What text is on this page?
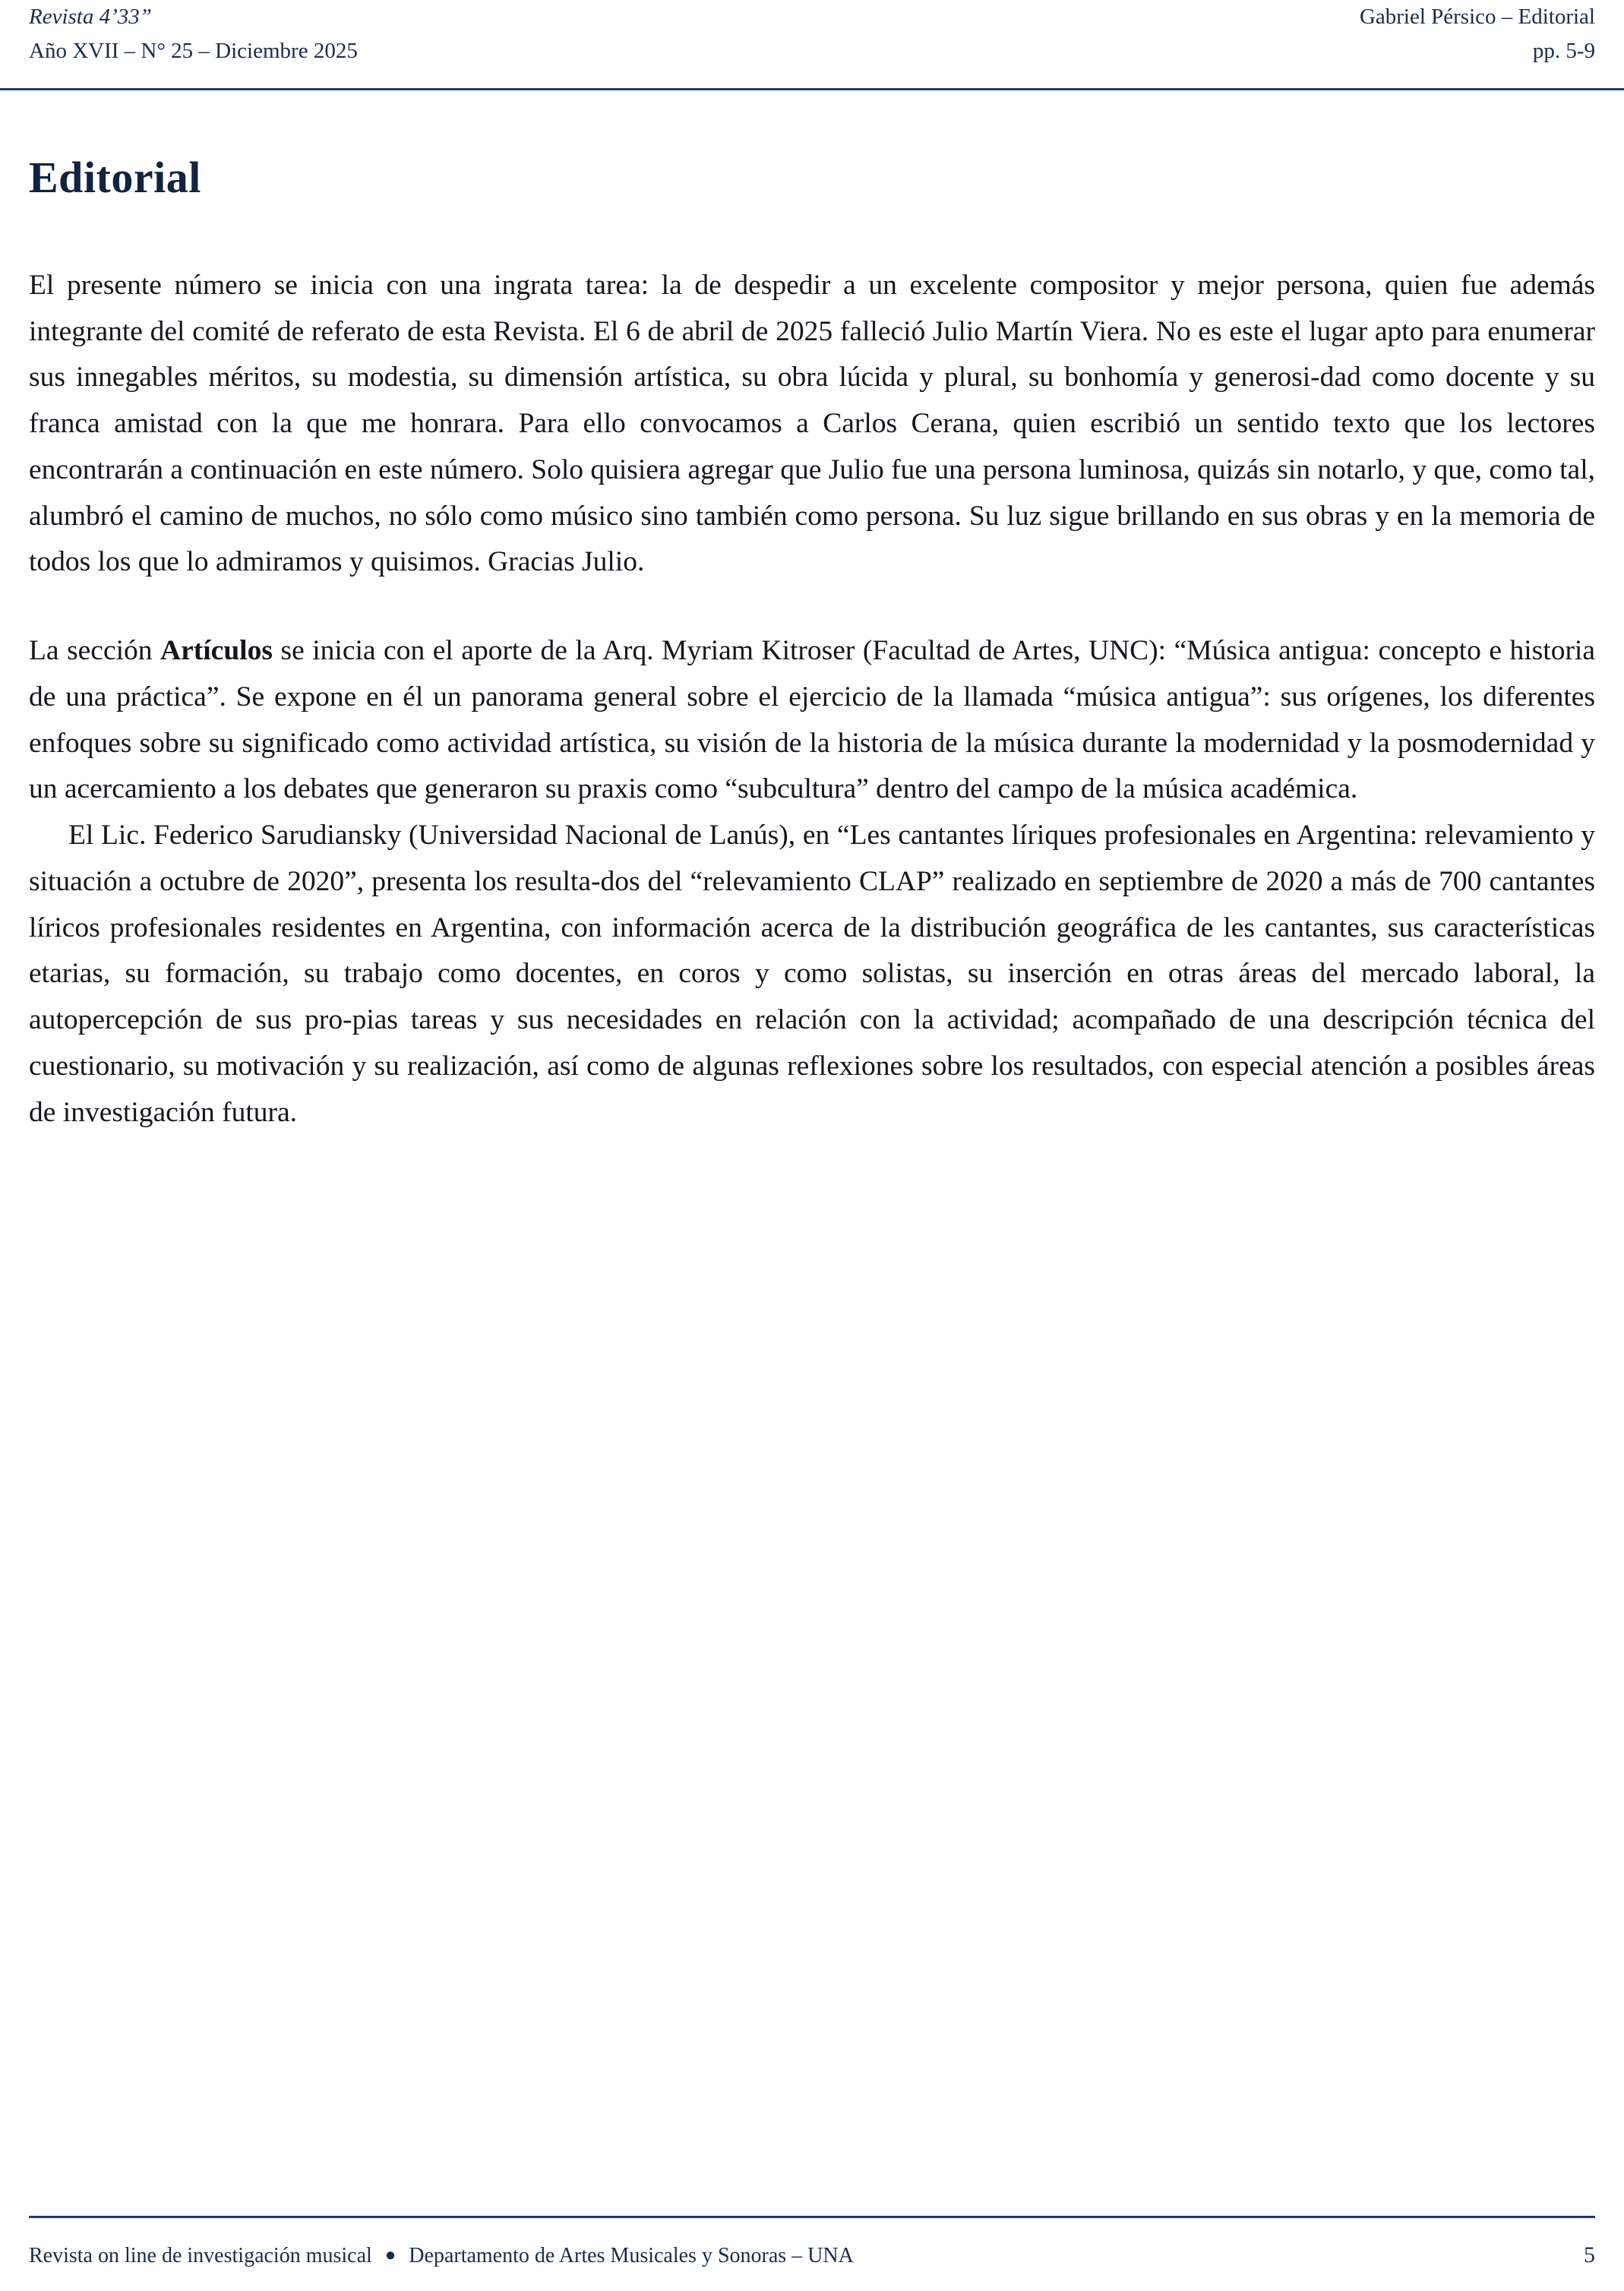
Revista 4’33”	Gabriel Pérsico – Editorial
Año XVII – N° 25 – Diciembre 2025	pp. 5-9
Editorial

El presente número se inicia con una ingrata tarea: la de despedir a un excelente compositor y mejor persona, quien fue además integrante del comité de referato de esta Revista. El 6 de abril de 2025 falleció Julio Martín Viera. No es este el lugar apto para enumerar sus innegables méritos, su modestia, su dimensión artística, su obra lúcida y plural, su bonhomía y generosi-dad como docente y su franca amistad con la que me honrara. Para ello convocamos a Carlos Cerana, quien escribió un sentido texto que los lectores encontrarán a continuación en este número. Solo quisiera agregar que Julio fue una persona luminosa, quizás sin notarlo, y que, como tal, alumbró el camino de muchos, no sólo como músico sino también como persona. Su luz sigue brillando en sus obras y en la memoria de todos los que lo admiramos y quisimos. Gracias Julio.

La sección Artículos se inicia con el aporte de la Arq. Myriam Kitroser (Facultad de Artes, UNC): “Música antigua: concepto e historia de una práctica”. Se expone en él un panorama general sobre el ejercicio de la llamada “música antigua”: sus orígenes, los diferentes enfoques sobre su significado como actividad artística, su visión de la historia de la música durante la modernidad y la posmodernidad y un acercamiento a los debates que generaron su praxis como “subcultura” dentro del campo de la música académica.

El Lic. Federico Sarudiansky (Universidad Nacional de Lanús), en “Les cantantes líriques profesionales en Argentina: relevamiento y situación a octubre de 2020”, presenta los resulta-dos del “relevamiento CLAP” realizado en septiembre de 2020 a más de 700 cantantes líricos profesionales residentes en Argentina, con información acerca de la distribución geográfica de les cantantes, sus características etarias, su formación, su trabajo como docentes, en coros y como solistas, su inserción en otras áreas del mercado laboral, la autopercepción de sus pro-pias tareas y sus necesidades en relación con la actividad; acompañado de una descripción técnica del cuestionario, su motivación y su realización, así como de algunas reflexiones sobre los resultados, con especial atención a posibles áreas de investigación futura.

Revista on line de investigación musical ● Departamento de Artes Musicales y Sonoras – UNA	5
